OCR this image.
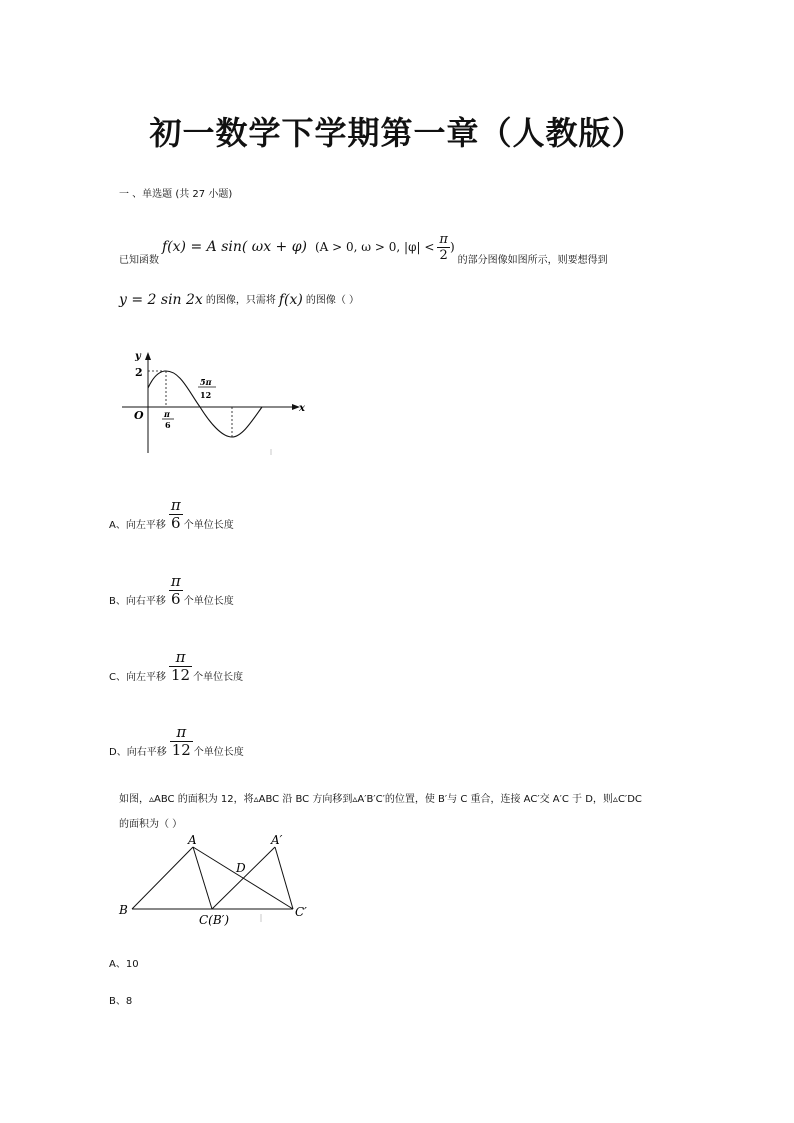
初一数学下学期第一章（人教版）
一 、单选题 (共 27 小题)
已知函数
f(x) = A sin( ωx + φ) (A > 0, ω > 0, $|\varphi| < \frac{\pi}{2}$ )
的部分图像如图所示，则要想得到
y = 2 sin 2x 的图像，只需将 f(x) 的图像（ ）
y
x
O
2
π
6
5π
12
A、向左平移 $\frac{\pi}{6}$ 个单位长度
B、向右平移 $\frac{\pi}{6}$ 个单位长度
C、向左平移 $\frac{\pi}{12}$ 个单位长度
D、向右平移 $\frac{\pi}{12}$ 个单位长度
如图，▵ABC 的面积为 12，将▵ABC 沿 BC 方向移到▵A′B′C′的位置，使 B′与 C 重合，连接 AC′交 A′C 于 D，则▵C′DC
的面积为（ ）
A	A′
B
C(B′)
C′
D
A、10
B、8
